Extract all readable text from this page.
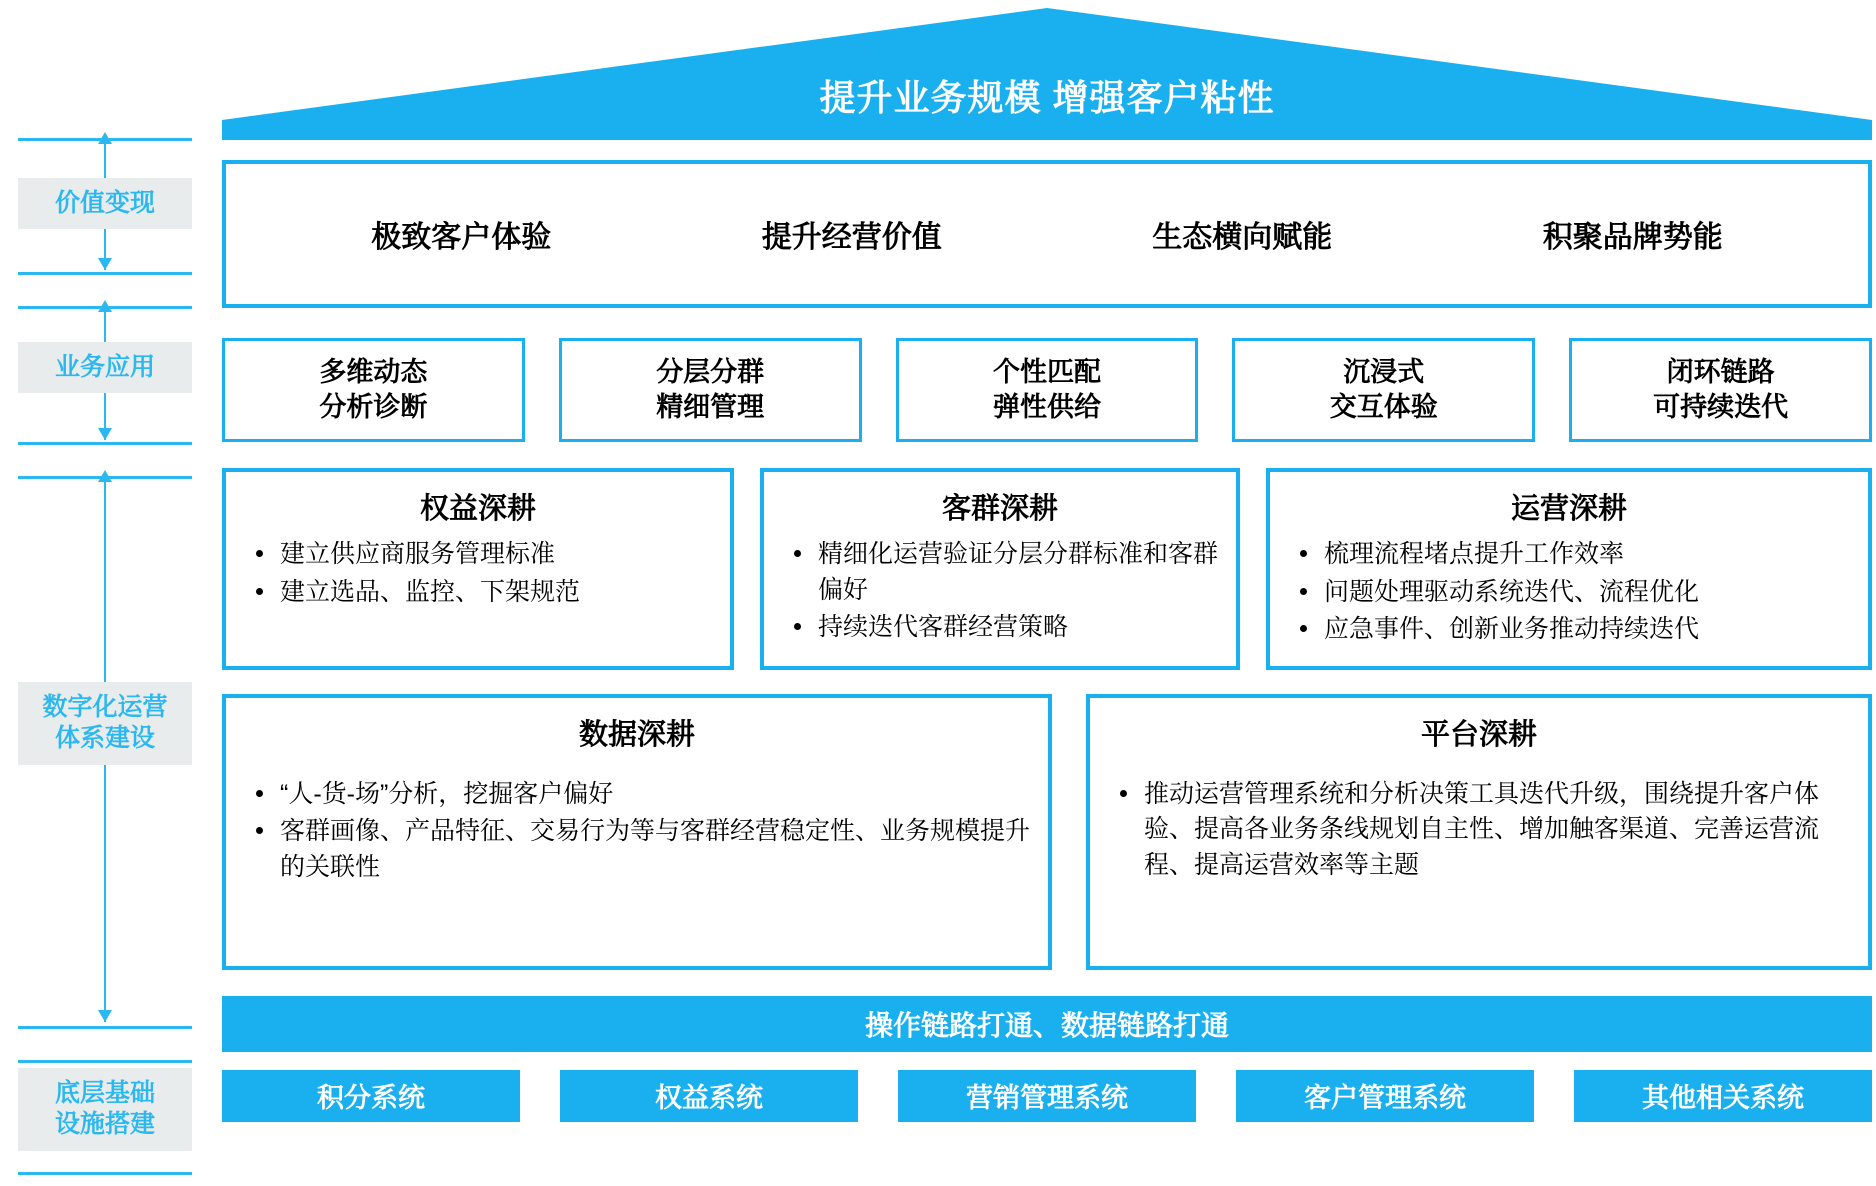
提升业务规模 增强客户粘性
价值变现
业务应用
数字化运营
体系建设
底层基础
设施搭建
极致客户体验	提升经营价值	生态横向赋能	积聚品牌势能
多维动态
分析诊断
分层分群
精细管理
个性匹配
弹性供给
沉浸式
交互体验
闭环链路
可持续迭代
权益深耕
建立供应商服务管理标准
建立选品、监控、下架规范
客群深耕
精细化运营验证分层分群标准和客群偏好
持续迭代客群经营策略
运营深耕
梳理流程堵点提升工作效率
问题处理驱动系统迭代、流程优化
应急事件、创新业务推动持续迭代
数据深耕
“人-货-场”分析，挖掘客户偏好
客群画像、产品特征、交易行为等与客群经营稳定性、业务规模提升的关联性
平台深耕
推动运营管理系统和分析决策工具迭代升级，围绕提升客户体验、提高各业务条线规划自主性、增加触客渠道、完善运营流程、提高运营效率等主题
操作链路打通、数据链路打通
积分系统	权益系统	营销管理系统	客户管理系统	其他相关系统
